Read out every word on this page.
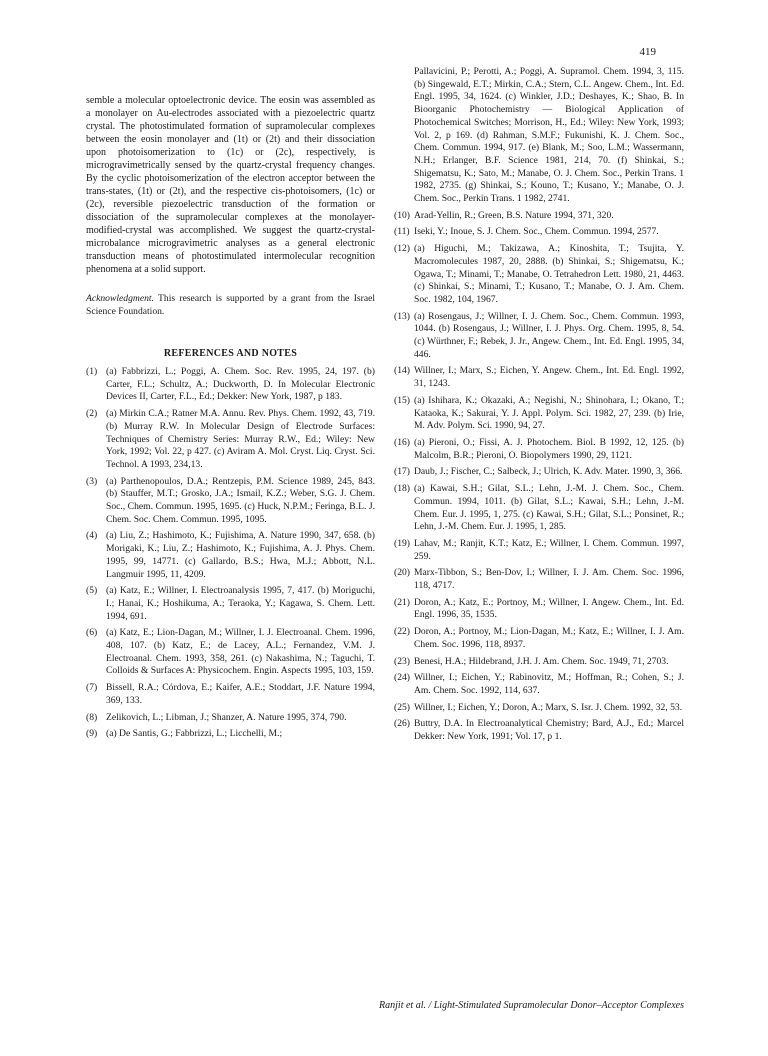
419

semble a molecular optoelectronic device. The eosin was assembled as a monolayer on Au-electrodes associated with a piezoelectric quartz crystal. The photostimulated formation of supramolecular complexes between the eosin monolayer and (1t) or (2t) and their dissociation upon photoisomerization to (1c) or (2c), respectively, is microgravimetrically sensed by the quartz-crystal frequency changes. By the cyclic photoisomerization of the electron acceptor between the trans-states, (1t) or (2t), and the respective cis-photoisomers, (1c) or (2c), reversible piezoelectric transduction of the formation or dissociation of the supramolecular complexes at the monolayer-modified-crystal was accomplished. We suggest the quartz-crystal-microbalance microgravimetric analyses as a general electronic transduction means of photostimulated intermolecular recognition phenomena at a solid support.

Acknowledgment. This research is supported by a grant from the Israel Science Foundation.

REFERENCES AND NOTES
(1) (a) Fabbrizzi, L.; Poggi, A. Chem. Soc. Rev. 1995, 24, 197. (b) Carter, F.L.; Schultz, A.; Duckworth, D. In Molecular Electronic Devices II, Carter, F.L., Ed.; Dekker: New York, 1987, p 183.
(2) (a) Mirkin C.A.; Ratner M.A. Annu. Rev. Phys. Chem. 1992, 43, 719. (b) Murray R.W. In Molecular Design of Electrode Surfaces: Techniques of Chemistry Series: Murray R.W., Ed.; Wiley: New York, 1992; Vol. 22, p 427. (c) Aviram A. Mol. Cryst. Liq. Cryst. Sci. Technol. A 1993, 234,13.
(3) (a) Parthenopoulos, D.A.; Rentzepis, P.M. Science 1989, 245, 843. (b) Stauffer, M.T.; Grosko, J.A.; Ismail, K.Z.; Weber, S.G. J. Chem. Soc., Chem. Commun. 1995, 1695. (c) Huck, N.P.M.; Feringa, B.L. J. Chem. Soc. Chem. Commun. 1995, 1095.
(4) (a) Liu, Z.; Hashimoto, K.; Fujishima, A. Nature 1990, 347, 658. (b) Morigaki, K.; Liu, Z.; Hashimoto, K.; Fujishima, A. J. Phys. Chem. 1995, 99, 14771. (c) Gallardo, B.S.; Hwa, M.J.; Abbott, N.L. Langmuir 1995, 11, 4209.
(5) (a) Katz, E.; Willner, I. Electroanalysis 1995, 7, 417. (b) Moriguchi, I.; Hanai, K.; Hoshikuma, A.; Teraoka, Y.; Kagawa, S. Chem. Lett. 1994, 691.
(6) (a) Katz, E.; Lion-Dagan, M.; Willner, I. J. Electroanal. Chem. 1996, 408, 107. (b) Katz, E.; de Lacey, A.L.; Fernandez, V.M. J. Electroanal. Chem. 1993, 358, 261. (c) Nakashima, N.; Taguchi, T. Colloids & Surfaces A: Physicochem. Engin. Aspects 1995, 103, 159.
(7) Bissell, R.A.; Córdova, E.; Kaifer, A.E.; Stoddart, J.F. Nature 1994, 369, 133.
(8) Zelikovich, L.; Libman, J.; Shanzer, A. Nature 1995, 374, 790.
(9) (a) De Santis, G.; Fabbrizzi, L.; Licchelli, M.;
Pallavicini, P.; Perotti, A.; Poggi, A. Supramol. Chem. 1994, 3, 115. (b) Singewald, E.T.; Mirkin, C.A.; Stern, C.L. Angew. Chem., Int. Ed. Engl. 1995, 34, 1624. (c) Winkler, J.D.; Deshayes, K.; Shao, B. In Bioorganic Photochemistry — Biological Application of Photochemical Switches; Morrison, H., Ed.; Wiley: New York, 1993; Vol. 2, p 169. (d) Rahman, S.M.F.; Fukunishi, K. J. Chem. Soc., Chem. Commun. 1994, 917. (e) Blank, M.; Soo, L.M.; Wassermann, N.H.; Erlanger, B.F. Science 1981, 214, 70. (f) Shinkai, S.; Shigematsu, K.; Sato, M.; Manabe, O. J. Chem. Soc., Perkin Trans. 1 1982, 2735. (g) Shinkai, S.; Kouno, T.; Kusano, Y.; Manabe, O. J. Chem. Soc., Perkin Trans. 1 1982, 2741.
(10) Arad-Yellin, R.; Green, B.S. Nature 1994, 371, 320.
(11) Iseki, Y.; Inoue, S. J. Chem. Soc., Chem. Commun. 1994, 2577.
(12) (a) Higuchi, M.; Takizawa, A.; Kinoshita, T.; Tsujita, Y. Macromolecules 1987, 20, 2888. (b) Shinkai, S.; Shigematsu, K.; Ogawa, T.; Minami, T.; Manabe, O. Tetrahedron Lett. 1980, 21, 4463. (c) Shinkai, S.; Minami, T.; Kusano, T.; Manabe, O. J. Am. Chem. Soc. 1982, 104, 1967.
(13) (a) Rosengaus, J.; Willner, I. J. Chem. Soc., Chem. Commun. 1993, 1044. (b) Rosengaus, J.; Willner, I. J. Phys. Org. Chem. 1995, 8, 54. (c) Würthner, F.; Rebek, J. Jr., Angew. Chem., Int. Ed. Engl. 1995, 34, 446.
(14) Willner, I.; Marx, S.; Eichen, Y. Angew. Chem., Int. Ed. Engl. 1992, 31, 1243.
(15) (a) Ishihara, K.; Okazaki, A.; Negishi, N.; Shinohara, I.; Okano, T.; Kataoka, K.; Sakurai, Y. J. Appl. Polym. Sci. 1982, 27, 239. (b) Irie, M. Adv. Polym. Sci. 1990, 94, 27.
(16) (a) Pieroni, O.; Fissi, A. J. Photochem. Biol. B 1992, 12, 125. (b) Malcolm, B.R.; Pieroni, O. Biopolymers 1990, 29, 1121.
(17) Daub, J.; Fischer, C.; Salbeck, J.; Ulrich, K. Adv. Mater. 1990, 3, 366.
(18) (a) Kawai, S.H.; Gilat, S.L.; Lehn, J.-M. J. Chem. Soc., Chem. Commun. 1994, 1011. (b) Gilat, S.L.; Kawai, S.H.; Lehn, J.-M. Chem. Eur. J. 1995, 1, 275. (c) Kawai, S.H.; Gilat, S.L.; Ponsinet, R.; Lehn, J.-M. Chem. Eur. J. 1995, 1, 285.
(19) Lahav, M.; Ranjit, K.T.; Katz, E.; Willner, I. Chem. Commun. 1997, 259.
(20) Marx-Tibbon, S.; Ben-Dov, I.; Willner, I. J. Am. Chem. Soc. 1996, 118, 4717.
(21) Doron, A.; Katz, E.; Portnoy, M.; Willner, I. Angew. Chem., Int. Ed. Engl. 1996, 35, 1535.
(22) Doron, A.; Portnoy, M.; Lion-Dagan, M.; Katz, E.; Willner, I. J. Am. Chem. Soc. 1996, 118, 8937.
(23) Benesi, H.A.; Hildebrand, J.H. J. Am. Chem. Soc. 1949, 71, 2703.
(24) Willner, I.; Eichen, Y.; Rabinovitz, M.; Hoffman, R.; Cohen, S.; J. Am. Chem. Soc. 1992, 114, 637.
(25) Willner, I.; Eichen, Y.; Doron, A.; Marx, S. Isr. J. Chem. 1992, 32, 53.
(26) Buttry, D.A. In Electroanalytical Chemistry; Bard, A.J., Ed.; Marcel Dekker: New York, 1991; Vol. 17, p 1.
Ranjit et al. / Light-Stimulated Supramolecular Donor–Acceptor Complexes
